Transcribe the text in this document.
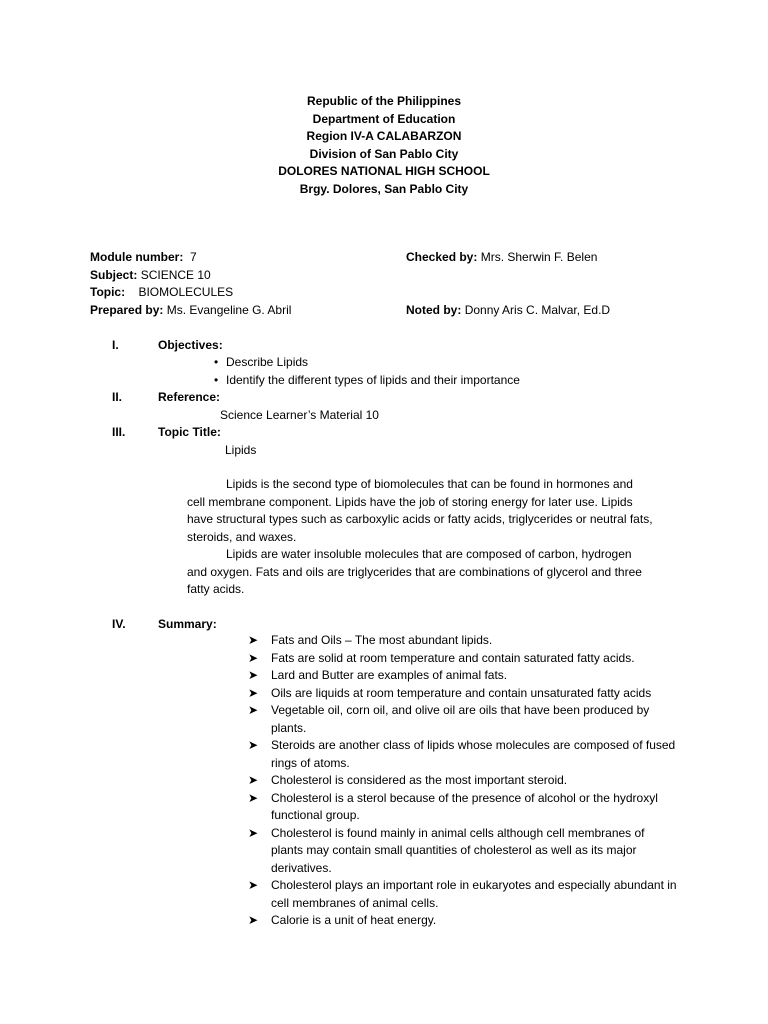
Republic of the Philippines
Department of Education
Region IV-A CALABARZON
Division of San Pablo City
DOLORES NATIONAL HIGH SCHOOL
Brgy. Dolores, San Pablo City
Module number: 7
Subject: SCIENCE 10
Topic: BIOMOLECULES
Prepared by: Ms. Evangeline G. Abril
Checked by: Mrs. Sherwin F. Belen
Noted by: Donny Aris C. Malvar, Ed.D
I.	Objectives:
• Describe Lipids
• Identify the different types of lipids and their importance
II.	Reference:
Science Learner’s Material 10
III.	Topic Title:
Lipids
Lipids is the second type of biomolecules that can be found in hormones and
cell membrane component. Lipids have the job of storing energy for later use. Lipids
have structural types such as carboxylic acids or fatty acids, triglycerides or neutral fats,
steroids, and waxes.
Lipids are water insoluble molecules that are composed of carbon, hydrogen
and oxygen. Fats and oils are triglycerides that are combinations of glycerol and three
fatty acids.
IV.	Summary:
➤ Fats and Oils – The most abundant lipids.
➤ Fats are solid at room temperature and contain saturated fatty acids.
➤ Lard and Butter are examples of animal fats.
➤ Oils are liquids at room temperature and contain unsaturated fatty acids
➤ Vegetable oil, corn oil, and olive oil are oils that have been produced by plants.
➤ Steroids are another class of lipids whose molecules are composed of fused rings of atoms.
➤ Cholesterol is considered as the most important steroid.
➤ Cholesterol is a sterol because of the presence of alcohol or the hydroxyl functional group.
➤ Cholesterol is found mainly in animal cells although cell membranes of plants may contain small quantities of cholesterol as well as its major derivatives.
➤ Cholesterol plays an important role in eukaryotes and especially abundant in cell membranes of animal cells.
➤ Calorie is a unit of heat energy.
